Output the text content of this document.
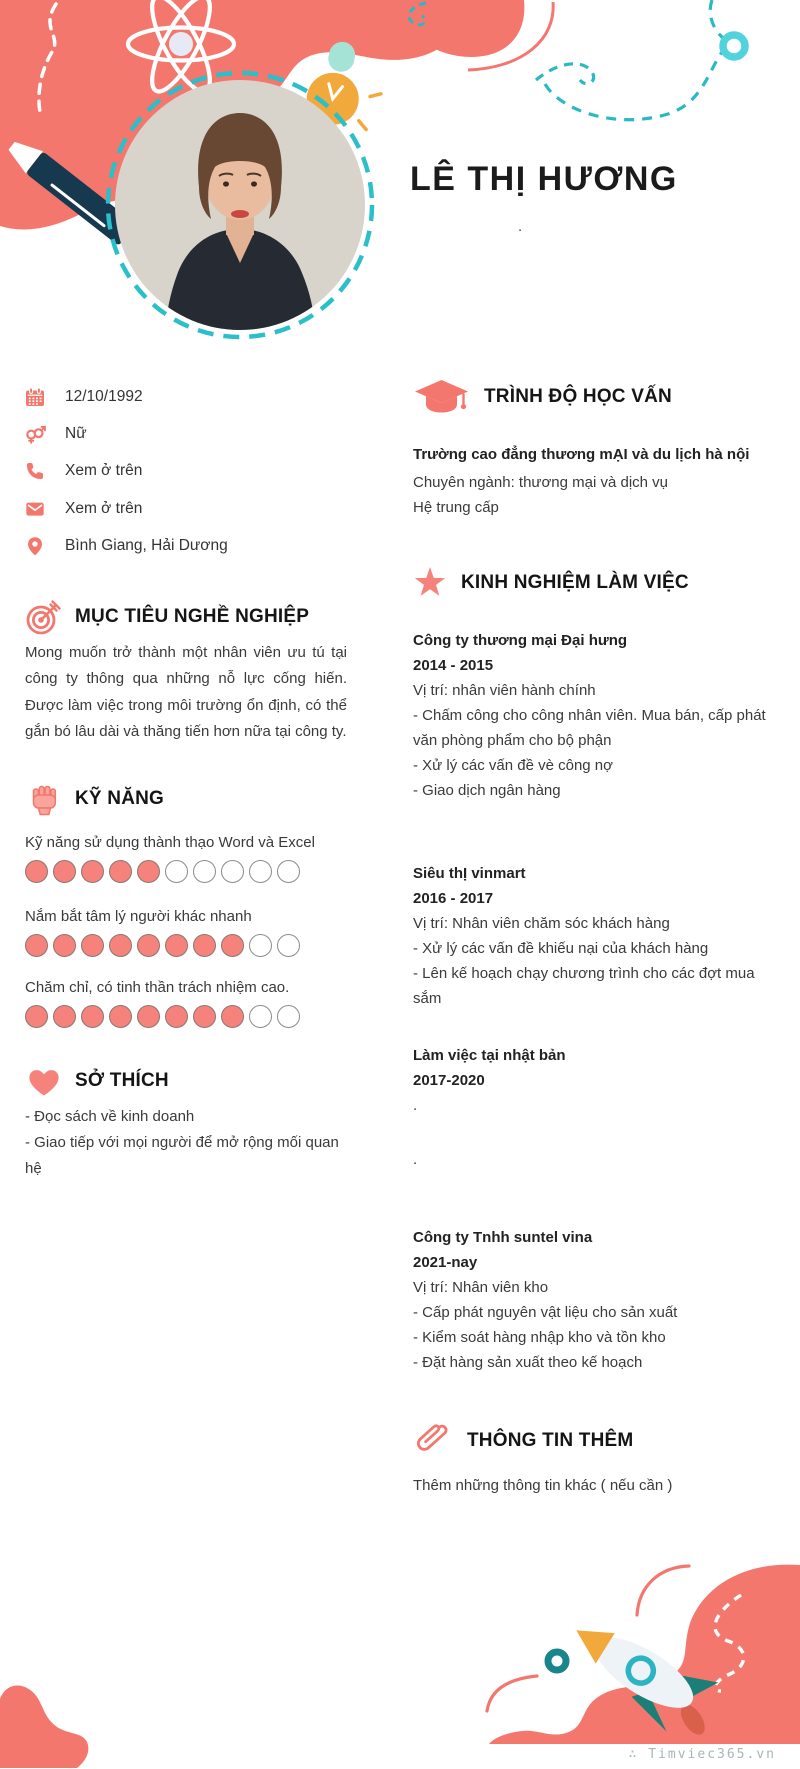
LÊ THỊ HƯƠNG
.
12/10/1992
Nữ
Xem ở trên
Xem ở trên
Bình Giang, Hải Dương
MỤC TIÊU NGHỀ NGHIỆP
Mong muốn trở thành một nhân viên ưu tú tại công ty thông qua những nỗ lực cống hiến. Được làm việc trong môi trường ổn định, có thể gắn bó lâu dài và thăng tiến hơn nữa tại công ty.
KỸ NĂNG
Kỹ năng sử dụng thành thạo Word và Excel
Nắm bắt tâm lý người khác nhanh
Chăm chỉ, có tinh thần trách nhiệm cao.
SỞ THÍCH
- Đọc sách về kinh doanh
- Giao tiếp với mọi người để mở rộng mối quan hệ
TRÌNH ĐỘ HỌC VẤN
Trường cao đẳng thương mẠI và du lịch hà nội
Chuyên ngành: thương mại và dịch vụ
Hệ trung cấp
KINH NGHIỆM LÀM VIỆC
Công ty thương mại Đại hưng
2014 - 2015
Vị trí: nhân viên hành chính
- Chấm công cho công nhân viên. Mua bán, cấp phát văn phòng phẩm cho bộ phận
- Xử lý các vấn đề vè công nợ
- Giao dịch ngân hàng
Siêu thỊ vinmart
2016 - 2017
Vị trí: Nhân viên chăm sóc khách hàng
- Xử lý các vấn đề khiếu nại của khách hàng
- Lên kế hoạch chạy chương trình cho các đợt mua sắm
Làm việc tại nhật bản
2017-2020
.
.
Công ty Tnhh suntel vina
2021-nay
Vị trí: Nhân viên kho
- Cấp phát nguyên vật liệu cho sản xuất
- Kiểm soát hàng nhập kho và tồn kho
- Đặt hàng sản xuất theo kế hoạch
THÔNG TIN THÊM
Thêm những thông tin khác ( nếu cần )
∴ Timviec365.vn
